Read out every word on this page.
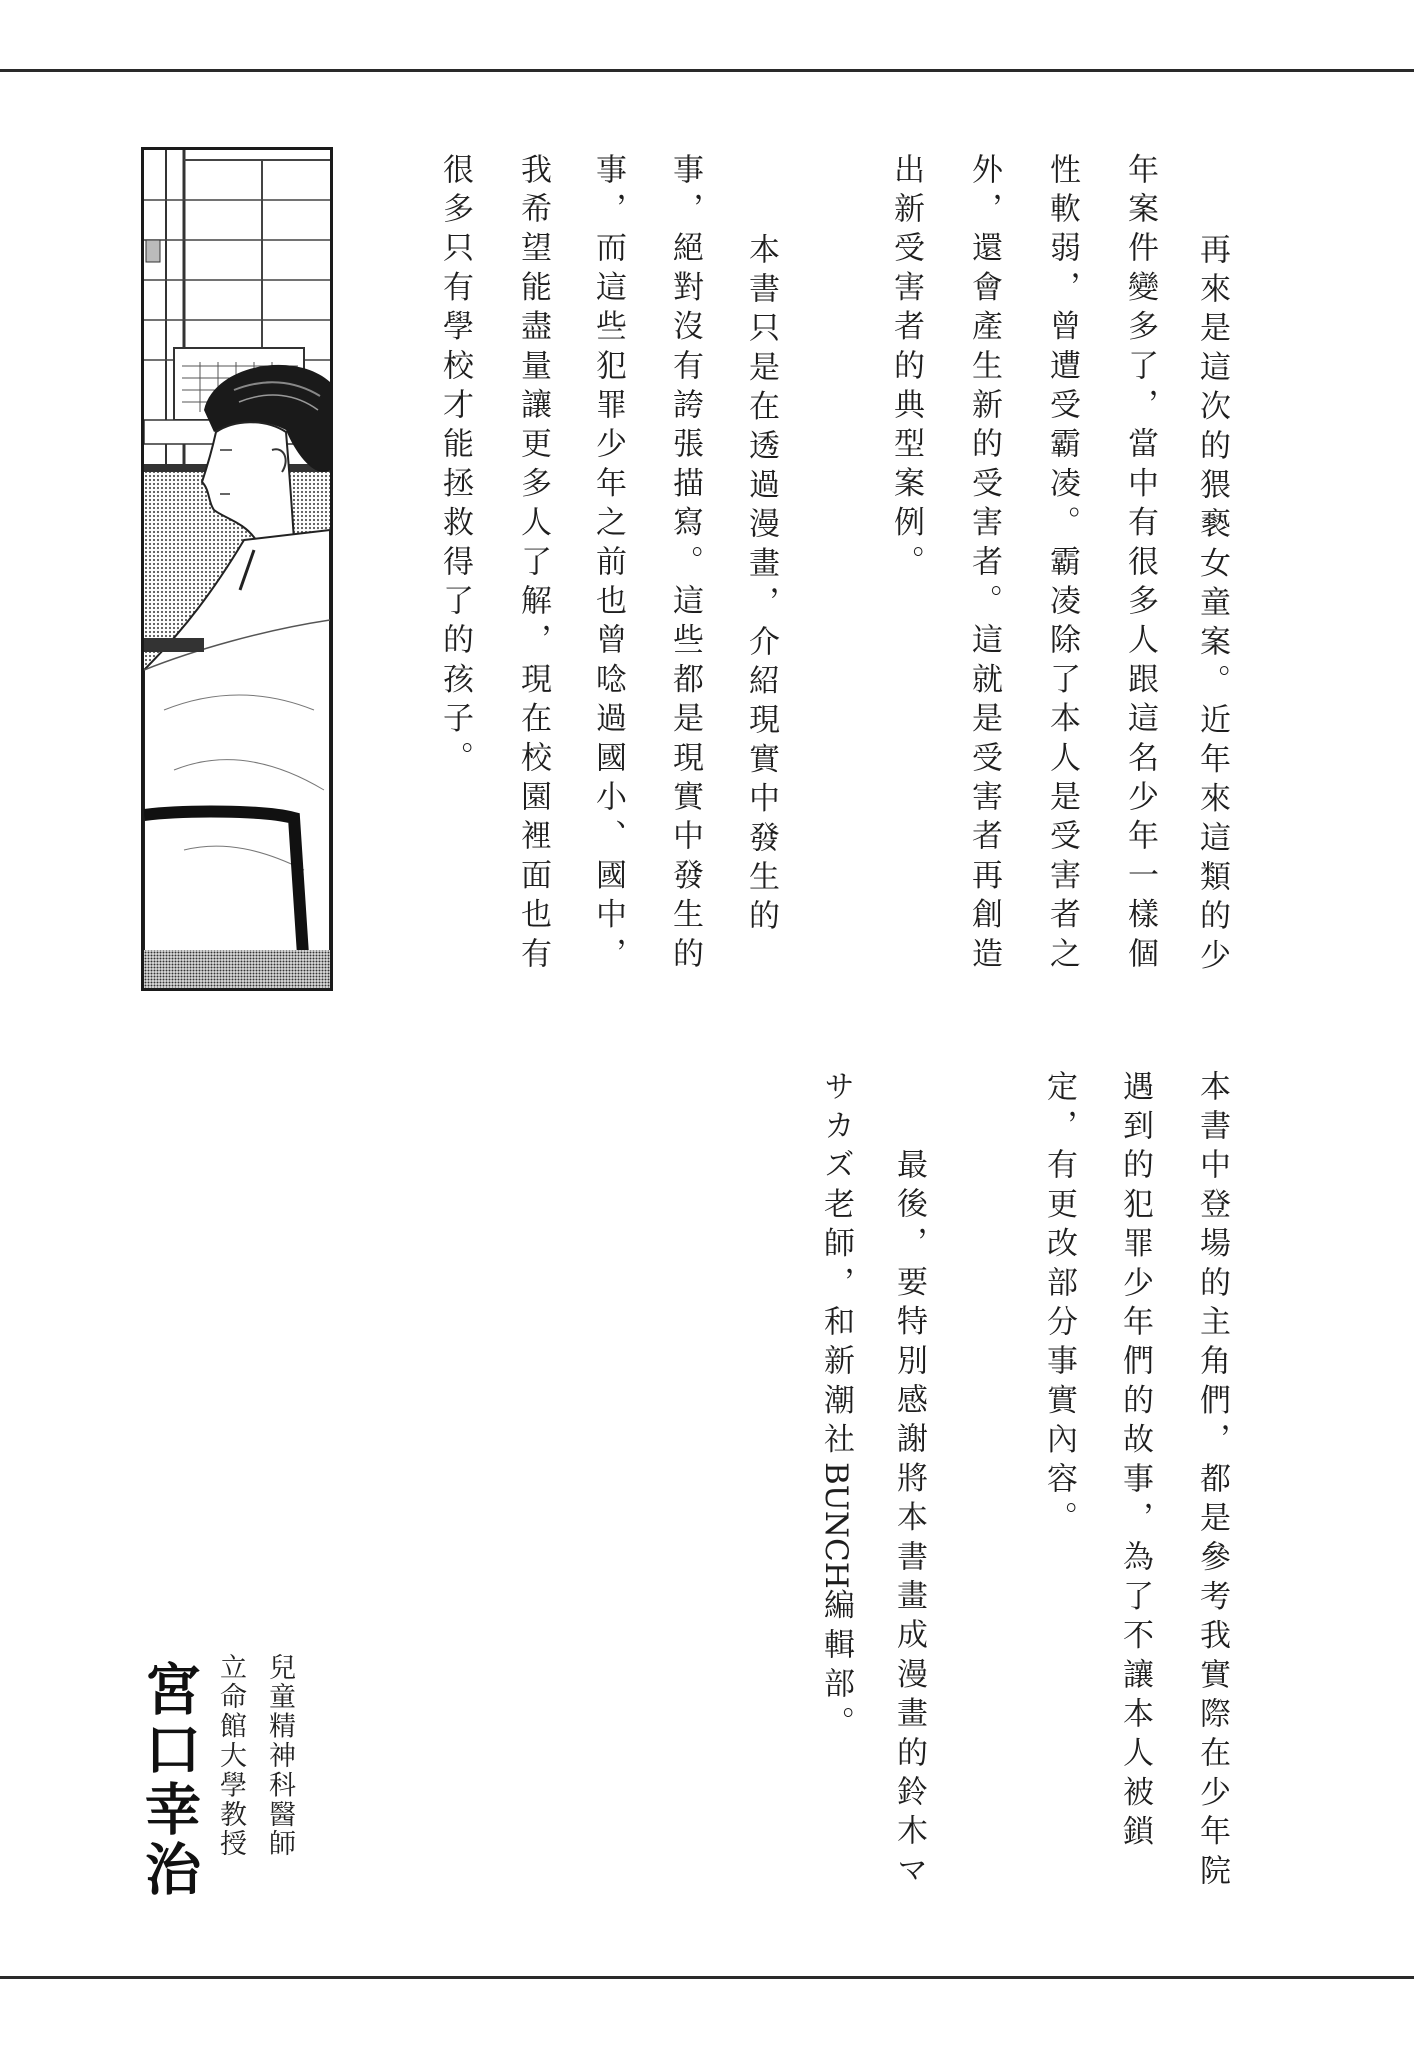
再來是這次的猥褻女童案。近年來這類的少
年案件變多了，當中有很多人跟這名少年一樣個
性軟弱，曾遭受霸凌。霸凌除了本人是受害者之
外，還會產生新的受害者。這就是受害者再創造
出新受害者的典型案例。
本書只是在透過漫畫，介紹現實中發生的
事，絕對沒有誇張描寫。這些都是現實中發生的
事，而這些犯罪少年之前也曾唸過國小、國中，
我希望能盡量讓更多人了解，現在校園裡面也有
很多只有學校才能拯救得了的孩子。
本書中登場的主角們，都是參考我實際在少年院
遇到的犯罪少年們的故事，為了不讓本人被鎖
定，有更改部分事實內容。
最後，要特別感謝將本書畫成漫畫的鈴木マ
サカズ老師，和新潮社BUNCH編輯部。
兒童精神科醫師
立命館大學教授
宮口幸治
